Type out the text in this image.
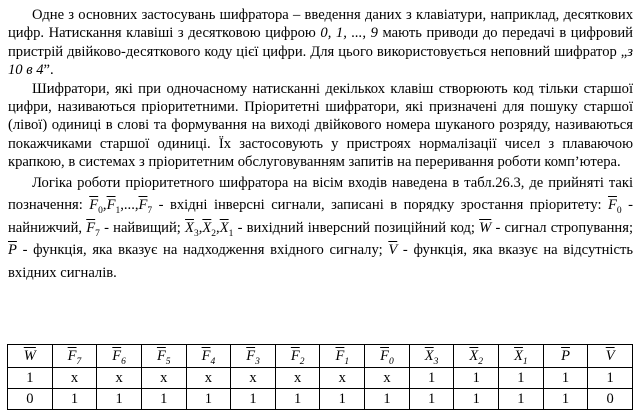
Одне з основних застосувань шифратора – введення даних з клавіатури, наприклад, десяткових цифр. Натискання клавіші з десятковою цифрою 0, 1, ..., 9 мають приводи до передачі в цифровий пристрій двійково-десяткового коду цієї цифри. Для цього використовується неповний шифратор „з 10 в 4”.

Шифратори, які при одночасному натисканні декількох клавіш створюють код тільки старшої цифри, називаються пріоритетними. Пріоритетні шифратори, які призначені для пошуку старшої (лівої) одиниці в слові та формування на виході двійкового номера шуканого розряду, називаються покажчиками старшої одиниці. Їх застосовують у пристроях нормалізації чисел з плаваючою крапкою, в системах з пріоритетним обслуговуванням запитів на переривання роботи комп’ютера.

Логіка роботи пріоритетного шифратора на вісім входів наведена в табл.26.3, де прийняті такі позначення: $\overline{F}_0,\overline{F}_1,...,\overline{F}_7$ - вхідні інверсні сигнали, записані в порядку зростання пріоритету: $\overline{F}_0$ - найнижчий, $\overline{F}_7$ - найвищий; $\overline{X}_3,\overline{X}_2,\overline{X}_1$ - вихідний інверсний позиційний код; $\overline{W}$ - сигнал стропування; $\overline{P}$ - функція, яка вказує на надходження вхідного сигналу; $\overline{V}$ - функція, яка вказує на відсутність вхідних сигналів.

$\overline{W}$	$\overline{F}_7$	$\overline{F}_6$	$\overline{F}_5$	$\overline{F}_4$	$\overline{F}_3$	$\overline{F}_2$	$\overline{F}_1$	$\overline{F}_0$	$\overline{X}_3$	$\overline{X}_2$	$\overline{X}_1$	$\overline{P}$	$\overline{V}$
1	x	x	x	x	x	x	x	x	1	1	1	1	1
0	1	1	1	1	1	1	1	1	1	1	1	1	0
